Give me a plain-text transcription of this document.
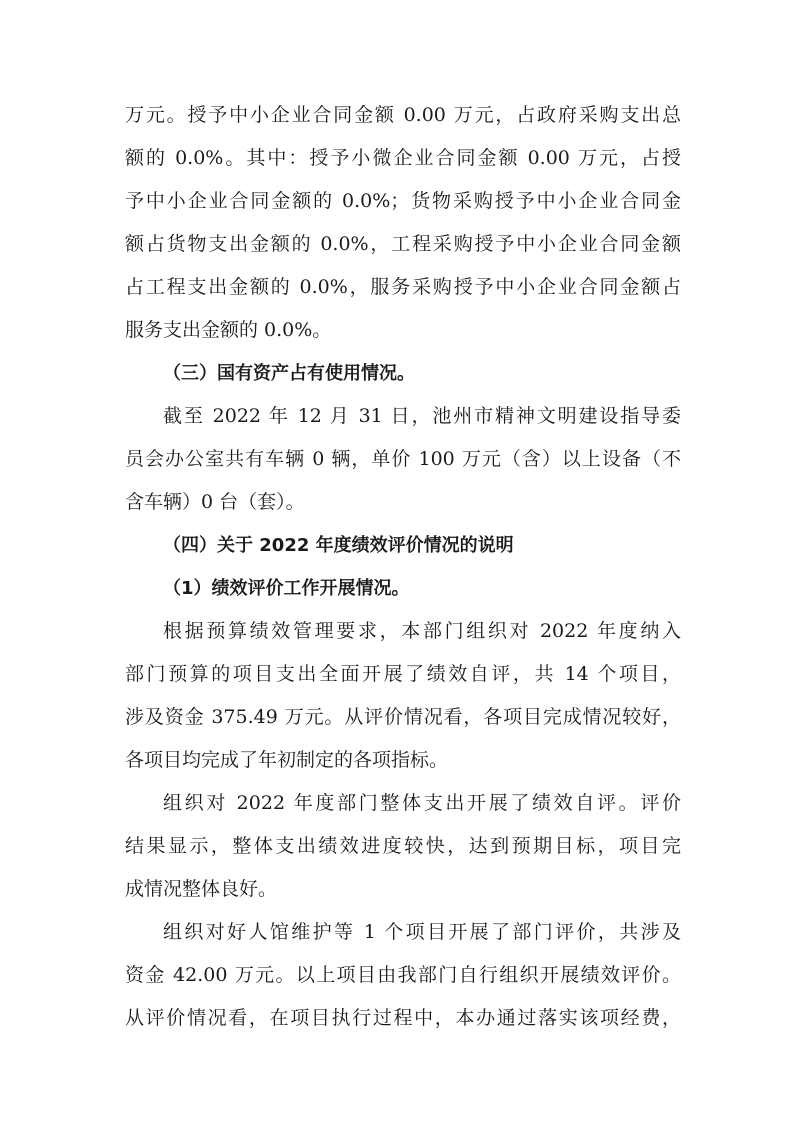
万元。授予中小企业合同金额 0.00 万元，占政府采购支出总
额的 0.0%。其中：授予小微企业合同金额 0.00 万元，占授
予中小企业合同金额的 0.0%；货物采购授予中小企业合同金
额占货物支出金额的 0.0%，工程采购授予中小企业合同金额
占工程支出金额的 0.0%，服务采购授予中小企业合同金额占
服务支出金额的 0.0%。
（三）国有资产占有使用情况。
截至 2022 年 12 月 31 日，池州市精神文明建设指导委
员会办公室共有车辆 0 辆，单价 100 万元（含）以上设备（不
含车辆）0 台（套）。
（四）关于 2022 年度绩效评价情况的说明
（1）绩效评价工作开展情况。
根据预算绩效管理要求，本部门组织对 2022 年度纳入
部门预算的项目支出全面开展了绩效自评，共 14 个项目，
涉及资金 375.49 万元。从评价情况看，各项目完成情况较好，
各项目均完成了年初制定的各项指标。
组织对 2022 年度部门整体支出开展了绩效自评。评价
结果显示，整体支出绩效进度较快，达到预期目标，项目完
成情况整体良好。
组织对好人馆维护等 1 个项目开展了部门评价，共涉及
资金 42.00 万元。以上项目由我部门自行组织开展绩效评价。
从评价情况看，在项目执行过程中，本办通过落实该项经费，
